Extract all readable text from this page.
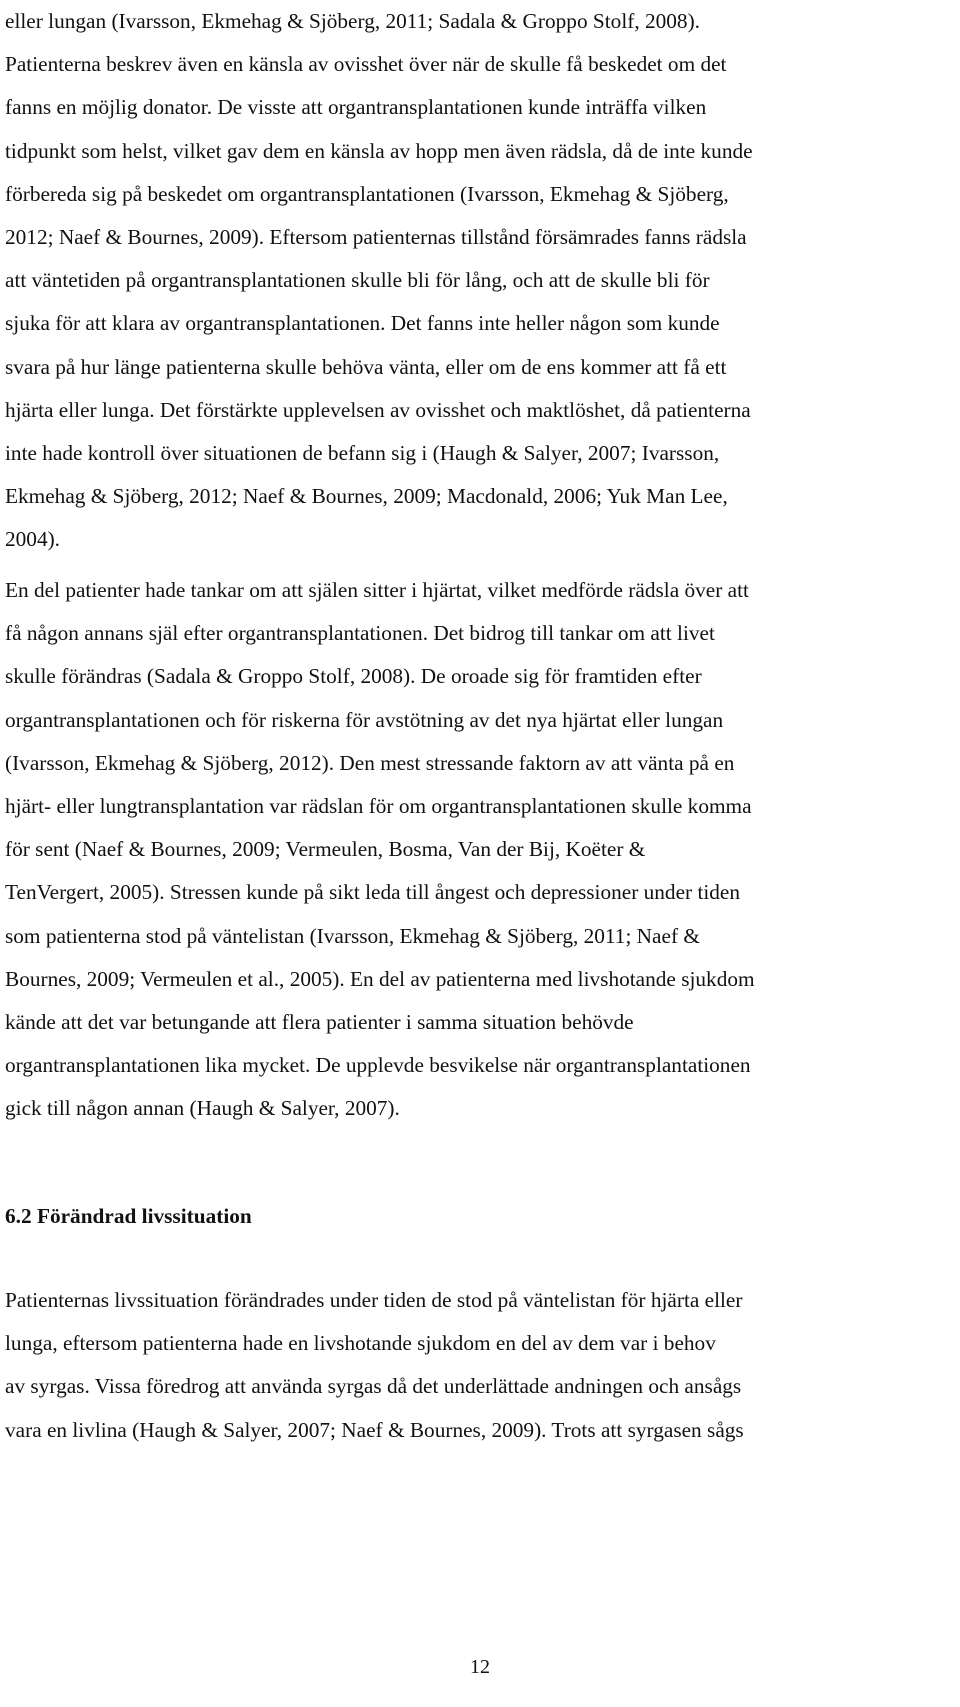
eller lungan (Ivarsson, Ekmehag & Sjöberg, 2011; Sadala & Groppo Stolf, 2008).
Patienterna beskrev även en känsla av ovisshet över när de skulle få beskedet om det
fanns en möjlig donator. De visste att organtransplantationen kunde inträffa vilken
tidpunkt som helst, vilket gav dem en känsla av hopp men även rädsla, då de inte kunde
förbereda sig på beskedet om organtransplantationen (Ivarsson, Ekmehag & Sjöberg,
2012; Naef & Bournes, 2009). Eftersom patienternas tillstånd försämrades fanns rädsla
att väntetiden på organtransplantationen skulle bli för lång, och att de skulle bli för
sjuka för att klara av organtransplantationen. Det fanns inte heller någon som kunde
svara på hur länge patienterna skulle behöva vänta, eller om de ens kommer att få ett
hjärta eller lunga. Det förstärkte upplevelsen av ovisshet och maktlöshet, då patienterna
inte hade kontroll över situationen de befann sig i (Haugh & Salyer, 2007; Ivarsson,
Ekmehag & Sjöberg, 2012; Naef & Bournes, 2009; Macdonald, 2006; Yuk Man Lee,
2004).
En del patienter hade tankar om att själen sitter i hjärtat, vilket medförde rädsla över att
få någon annans själ efter organtransplantationen. Det bidrog till tankar om att livet
skulle förändras (Sadala & Groppo Stolf, 2008). De oroade sig för framtiden efter
organtransplantationen och för riskerna för avstötning av det nya hjärtat eller lungan
(Ivarsson, Ekmehag & Sjöberg, 2012). Den mest stressande faktorn av att vänta på en
hjärt- eller lungtransplantation var rädslan för om organtransplantationen skulle komma
för sent (Naef & Bournes, 2009; Vermeulen, Bosma, Van der Bij, Koëter &
TenVergert, 2005). Stressen kunde på sikt leda till ångest och depressioner under tiden
som patienterna stod på väntelistan (Ivarsson, Ekmehag & Sjöberg, 2011; Naef &
Bournes, 2009; Vermeulen et al., 2005). En del av patienterna med livshotande sjukdom
kände att det var betungande att flera patienter i samma situation behövde
organtransplantationen lika mycket. De upplevde besvikelse när organtransplantationen
gick till någon annan (Haugh & Salyer, 2007).
6.2 Förändrad livssituation
Patienternas livssituation förändrades under tiden de stod på väntelistan för hjärta eller
lunga, eftersom patienterna hade en livshotande sjukdom en del av dem var i behov
av syrgas. Vissa föredrog att använda syrgas då det underlättade andningen och ansågs
vara en livlina (Haugh & Salyer, 2007; Naef & Bournes, 2009). Trots att syrgasen sågs
12
